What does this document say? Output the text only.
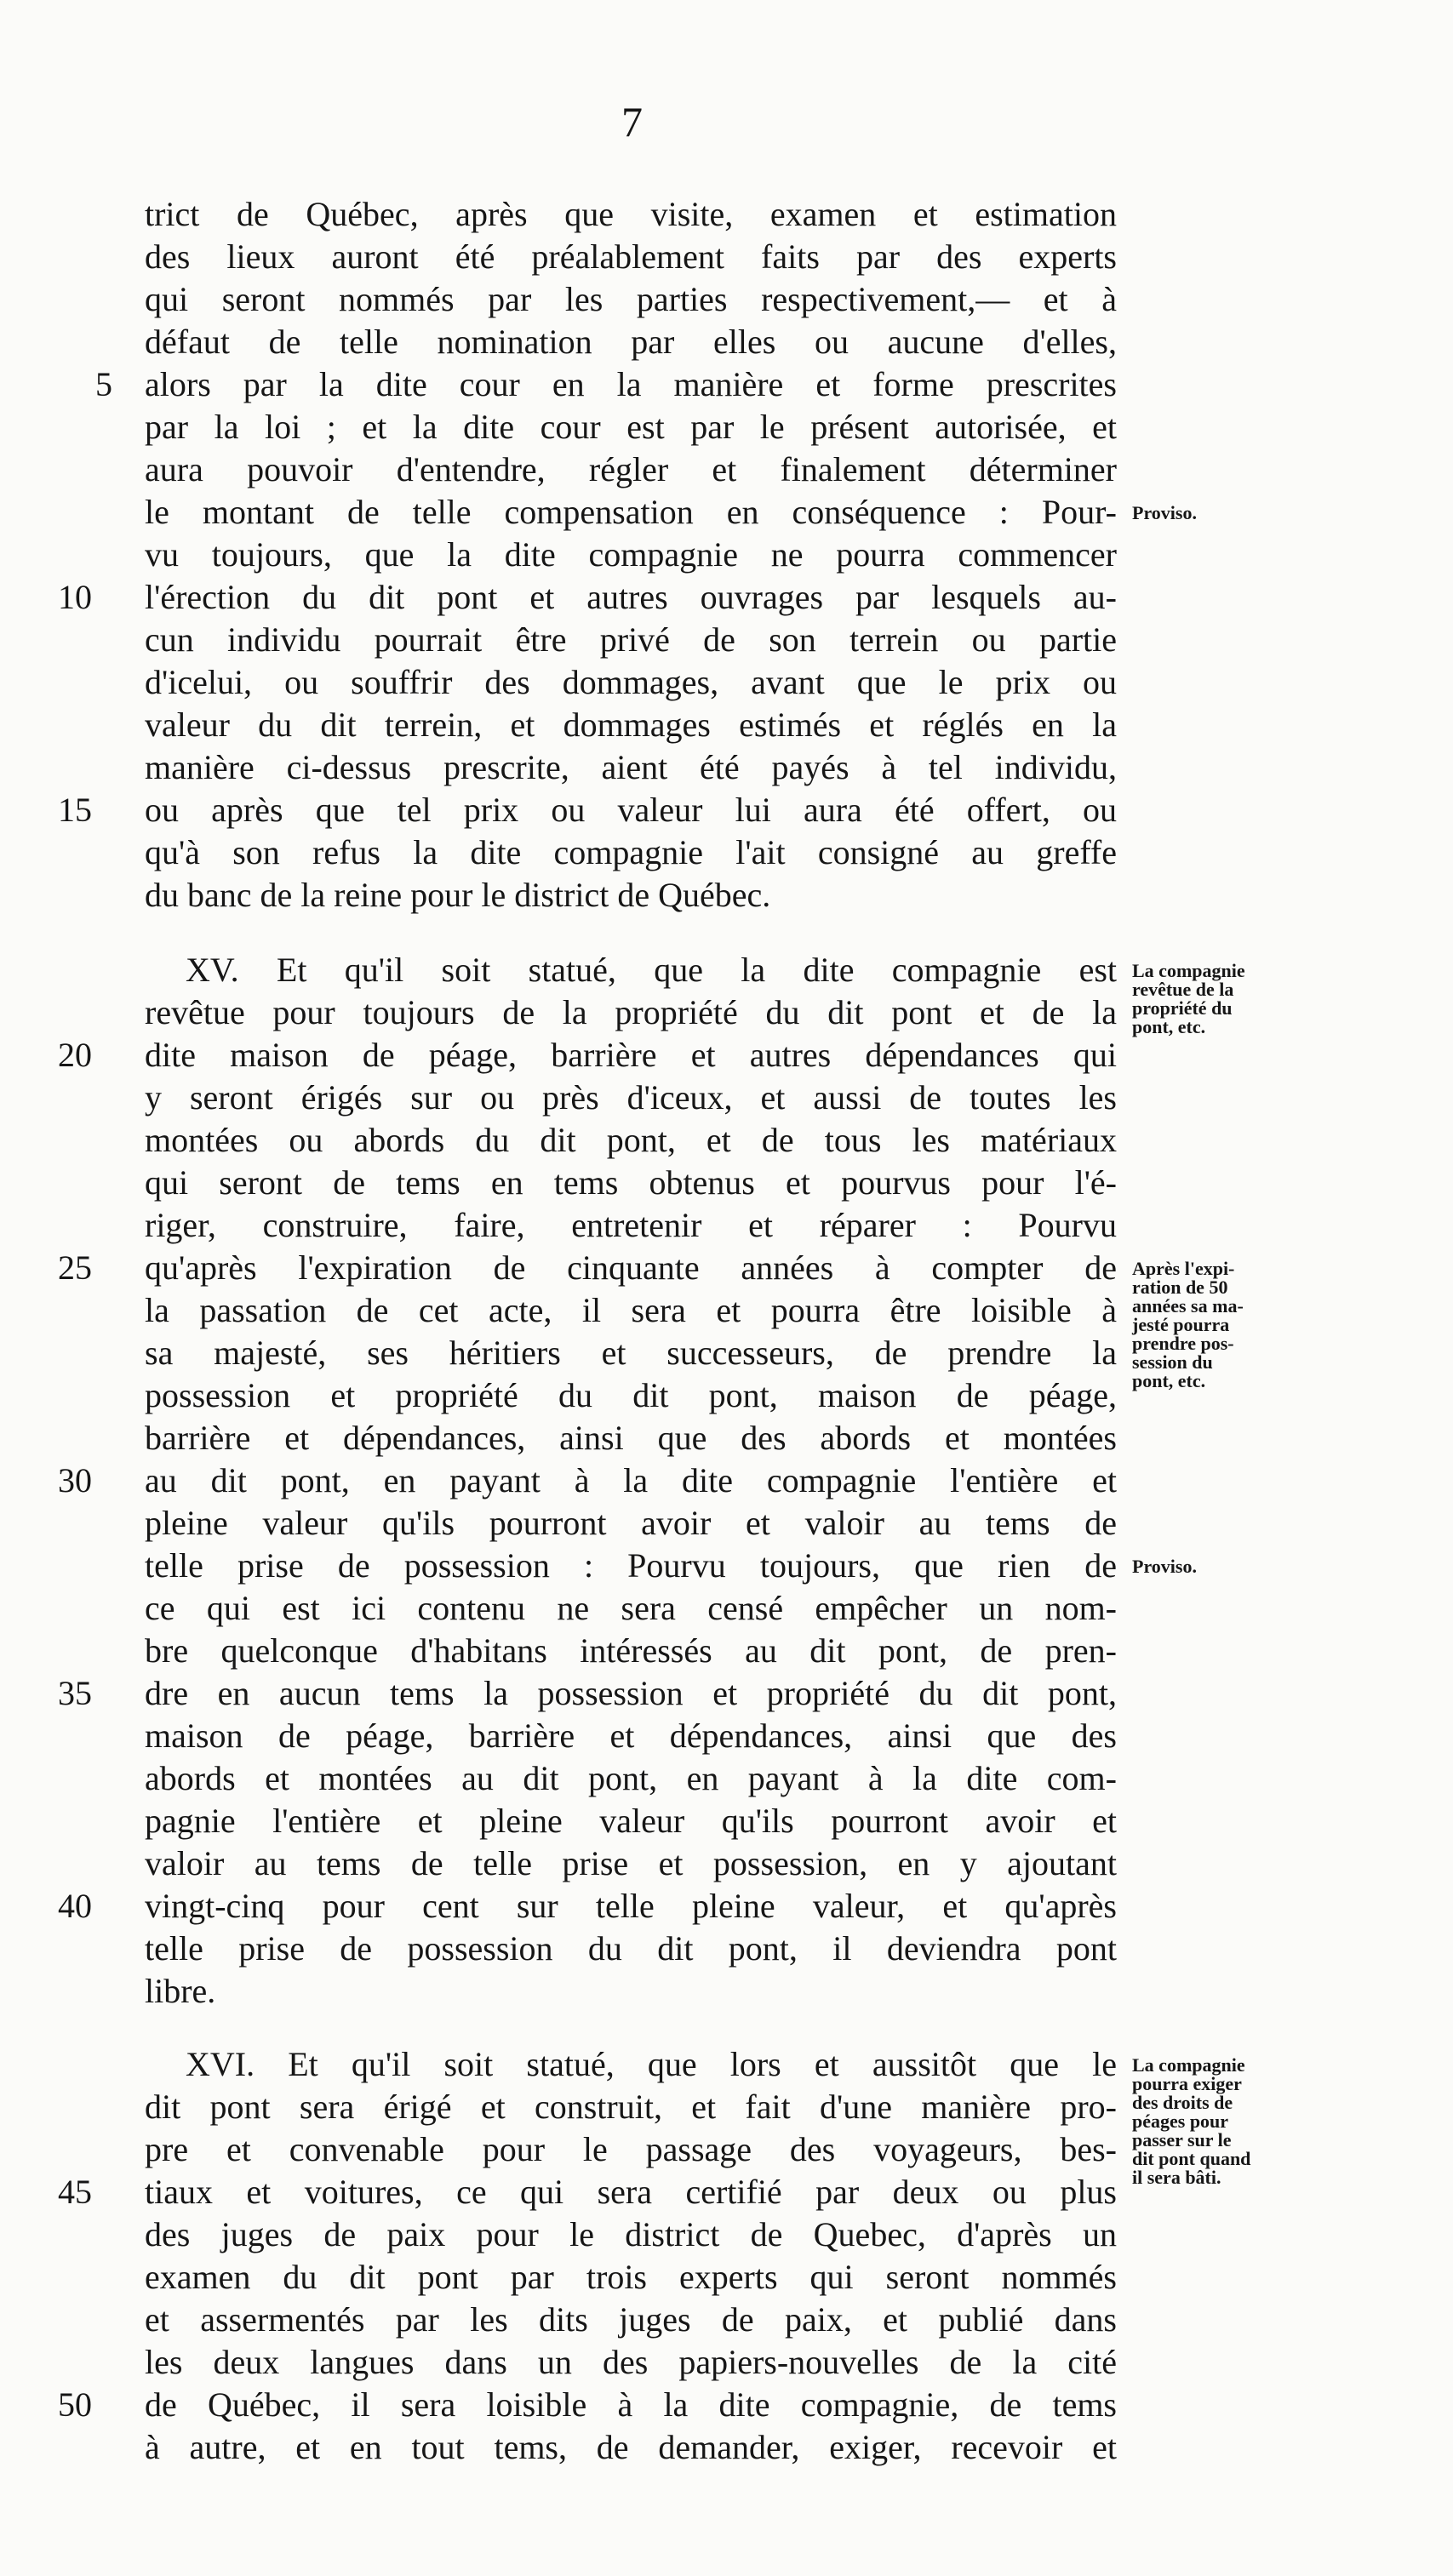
7
trict de Québec, après que visite, examen et estimation
des lieux auront été préalablement faits par des experts
qui seront nommés par les parties respectivement,— et à
défaut de telle nomination par elles ou aucune d'elles,
alors par la dite cour en la manière et forme prescrites
par la loi ; et la dite cour est par le présent autorisée, et
aura pouvoir d'entendre, régler et finalement déterminer
le montant de telle compensation en conséquence : Pour-
vu toujours, que la dite compagnie ne pourra commencer
l'érection du dit pont et autres ouvrages par lesquels au-
cun individu pourrait être privé de son terrein ou partie
d'icelui, ou souffrir des dommages, avant que le prix ou
valeur du dit terrein, et dommages estimés et réglés en la
manière ci-dessus prescrite, aient été payés à tel individu,
ou après que tel prix ou valeur lui aura été offert, ou
qu'à son refus la dite compagnie l'ait consigné au greffe
du banc de la reine pour le district de Québec.
XV. Et qu'il soit statué, que la dite compagnie est
revêtue pour toujours de la propriété du dit pont et de la
dite maison de péage, barrière et autres dépendances qui
y seront érigés sur ou près d'iceux, et aussi de toutes les
montées ou abords du dit pont, et de tous les matériaux
qui seront de tems en tems obtenus et pourvus pour l'é-
riger, construire, faire, entretenir et réparer : Pourvu
qu'après l'expiration de cinquante années à compter de
la passation de cet acte, il sera et pourra être loisible à
sa majesté, ses héritiers et successeurs, de prendre la
possession et propriété du dit pont, maison de péage,
barrière et dépendances, ainsi que des abords et montées
au dit pont, en payant à la dite compagnie l'entière et
pleine valeur qu'ils pourront avoir et valoir au tems de
telle prise de possession : Pourvu toujours, que rien de
ce qui est ici contenu ne sera censé empêcher un nom-
bre quelconque d'habitans intéressés au dit pont, de pren-
dre en aucun tems la possession et propriété du dit pont,
maison de péage, barrière et dépendances, ainsi que des
abords et montées au dit pont, en payant à la dite com-
pagnie l'entière et pleine valeur qu'ils pourront avoir et
valoir au tems de telle prise et possession, en y ajoutant
vingt-cinq pour cent sur telle pleine valeur, et qu'après
telle prise de possession du dit pont, il deviendra pont
libre.
XVI. Et qu'il soit statué, que lors et aussitôt que le
dit pont sera érigé et construit, et fait d'une manière pro-
pre et convenable pour le passage des voyageurs, bes-
tiaux et voitures, ce qui sera certifié par deux ou plus
des juges de paix pour le district de Quebec, d'après un
examen du dit pont par trois experts qui seront nommés
et assermentés par les dits juges de paix, et publié dans
les deux langues dans un des papiers-nouvelles de la cité
de Québec, il sera loisible à la dite compagnie, de tems
à autre, et en tout tems, de demander, exiger, recevoir et
5
10
15
20
25
30
35
40
45
50
Proviso.
La compagnie
revêtue de la
propriété du
pont, etc.
Après l'expi-
ration de 50
années sa ma-
jesté pourra
prendre pos-
session du
pont, etc.
Proviso.
La compagnie
pourra exiger
des droits de
péages pour
passer sur le
dit pont quand
il sera bâti.
